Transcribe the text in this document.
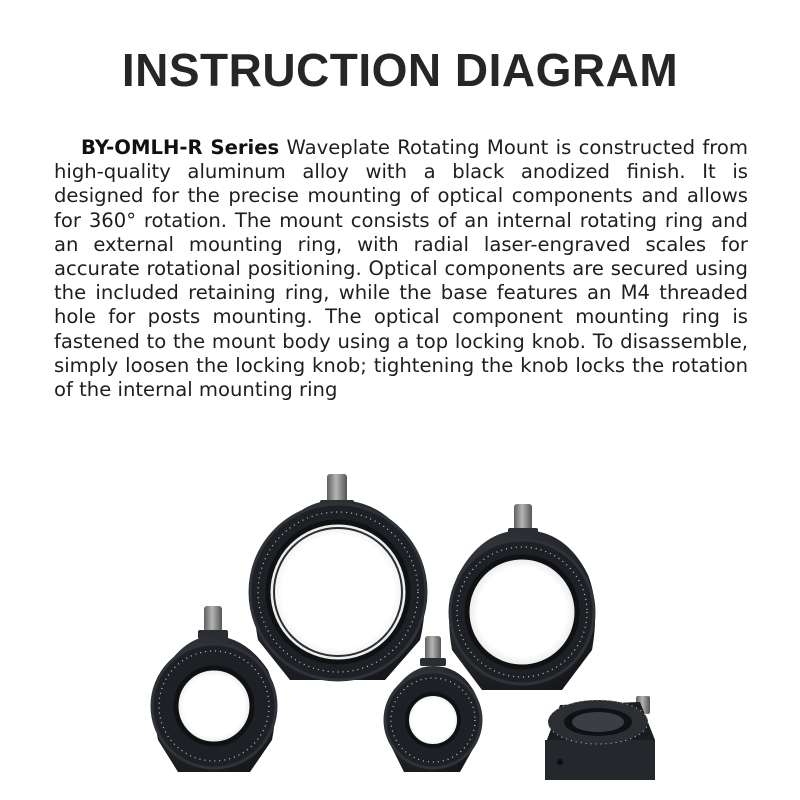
INSTRUCTION DIAGRAM

BY-OMLH-R Series Waveplate Rotating Mount is constructed from high-quality aluminum alloy with a black anodized finish. It is designed for the precise mounting of optical components and allows for 360° rotation. The mount consists of an internal rotating ring and an external mounting ring, with radial laser-engraved scales for accurate rotational positioning. Optical components are secured using the included retaining ring, while the base features an M4 threaded hole for posts mounting. The optical component mounting ring is fastened to the mount body using a top locking knob. To disassemble, simply loosen the locking knob; tightening the knob locks the rotation of the internal mounting ring
